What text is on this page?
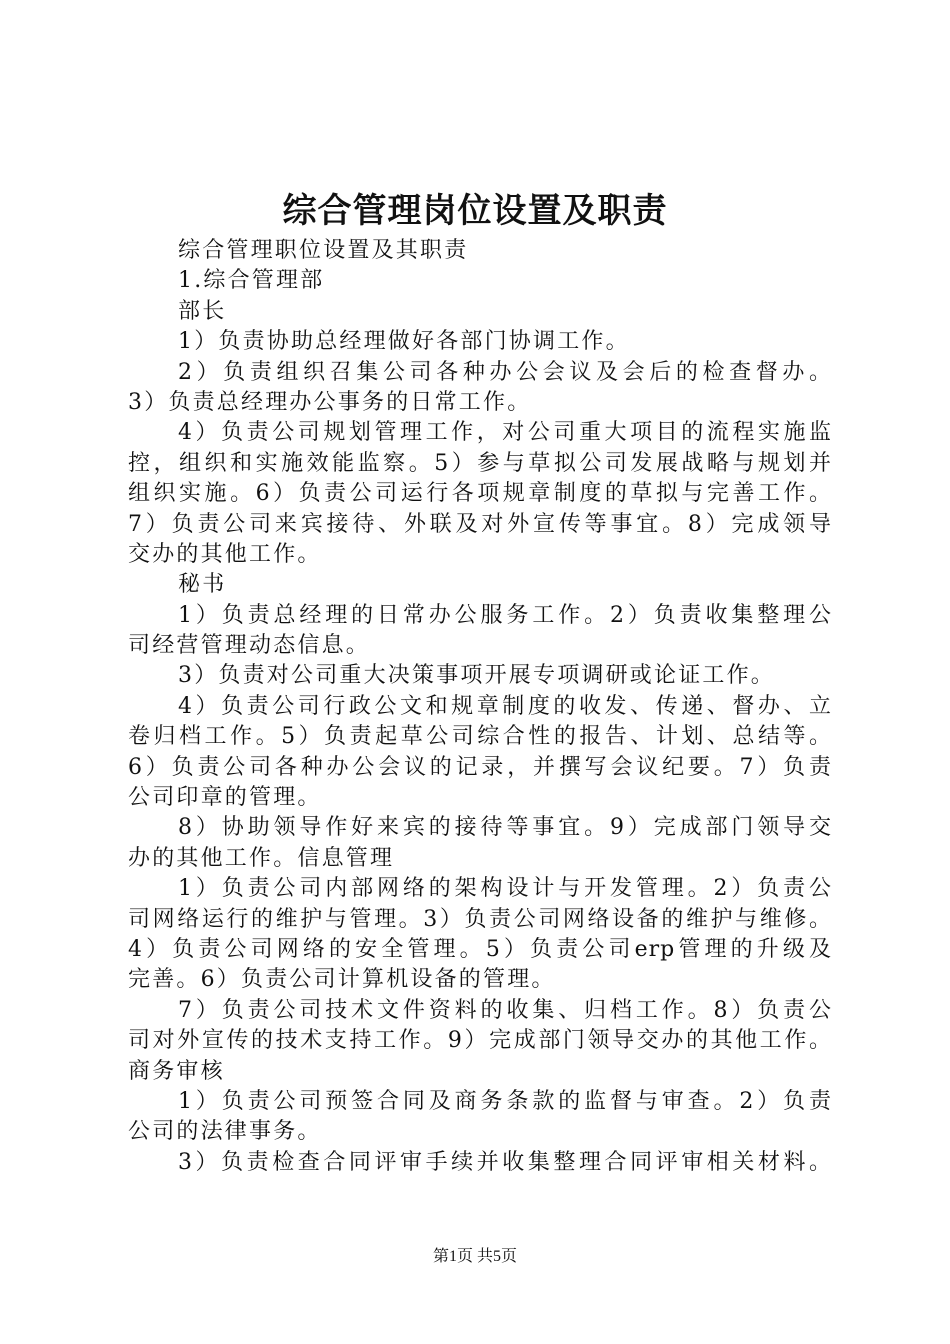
综合管理岗位设置及职责
综合管理职位设置及其职责
1.综合管理部
部长
1）负责协助总经理做好各部门协调工作。
2）负责组织召集公司各种办公会议及会后的检查督办。
3）负责总经理办公事务的日常工作。
4）负责公司规划管理工作，对公司重大项目的流程实施监
控，组织和实施效能监察。5）参与草拟公司发展战略与规划并
组织实施。6）负责公司运行各项规章制度的草拟与完善工作。
7）负责公司来宾接待、外联及对外宣传等事宜。8）完成领导
交办的其他工作。
秘书
1）负责总经理的日常办公服务工作。2）负责收集整理公
司经营管理动态信息。
3）负责对公司重大决策事项开展专项调研或论证工作。
4）负责公司行政公文和规章制度的收发、传递、督办、立
卷归档工作。5）负责起草公司综合性的报告、计划、总结等。
6）负责公司各种办公会议的记录，并撰写会议纪要。7）负责
公司印章的管理。
8）协助领导作好来宾的接待等事宜。9）完成部门领导交
办的其他工作。信息管理
1）负责公司内部网络的架构设计与开发管理。2）负责公
司网络运行的维护与管理。3）负责公司网络设备的维护与维修。
4）负责公司网络的安全管理。5）负责公司erp管理的升级及
完善。6）负责公司计算机设备的管理。
7）负责公司技术文件资料的收集、归档工作。8）负责公
司对外宣传的技术支持工作。9）完成部门领导交办的其他工作。
商务审核
1）负责公司预签合同及商务条款的监督与审查。2）负责
公司的法律事务。
3）负责检查合同评审手续并收集整理合同评审相关材料。
第1页 共5页
